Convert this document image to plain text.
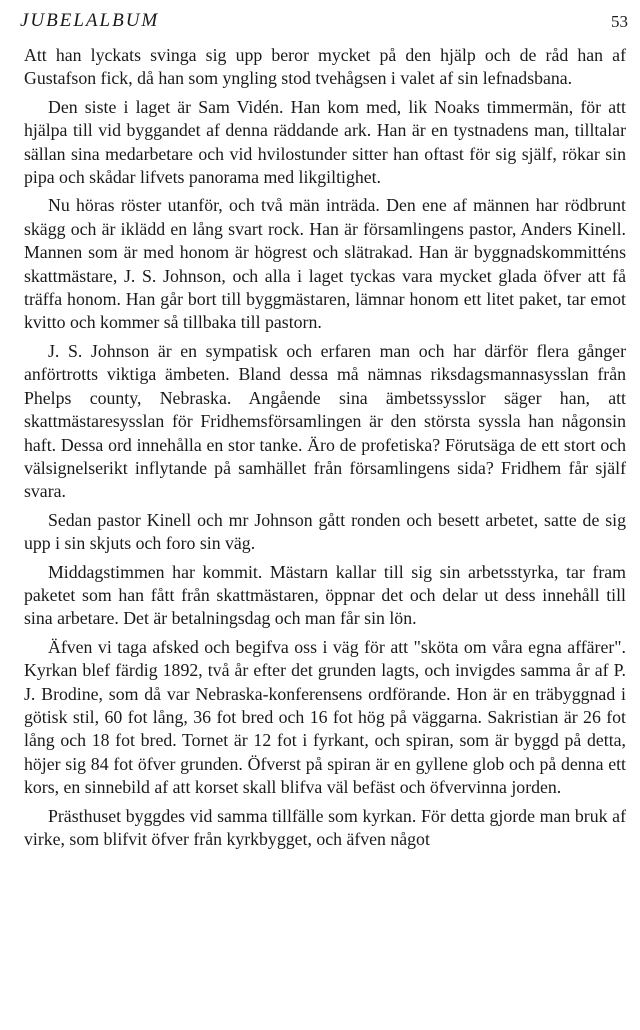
JUBELALBUM	53

Att han lyckats svinga sig upp beror mycket på den hjälp och de råd han af Gustafson fick, då han som yngling stod tvehågsen i valet af sin lefnadsbana.

Den siste i laget är Sam Vidén. Han kom med, lik Noaks timmermän, för att hjälpa till vid byggandet af denna räddande ark. Han är en tystnadens man, tilltalar sällan sina medarbetare och vid hvilostunder sitter han oftast för sig själf, rökar sin pipa och skådar lifvets panorama med likgiltighet.

Nu höras röster utanför, och två män inträda. Den ene af männen har rödbrunt skägg och är iklädd en lång svart rock. Han är församlingens pastor, Anders Kinell. Mannen som är med honom är högrest och slätrakad. Han är byggnadskommitténs skattmästare, J. S. Johnson, och alla i laget tyckas vara mycket glada öfver att få träffa honom. Han går bort till byggmästaren, lämnar honom ett litet paket, tar emot kvitto och kommer så tillbaka till pastorn.

J. S. Johnson är en sympatisk och erfaren man och har därför flera gånger anförtrotts viktiga ämbeten. Bland dessa må nämnas riksdagsmannasysslan från Phelps county, Nebraska. Angående sina ämbetssysslor säger han, att skattmästaresysslan för Fridhemsförsamlingen är den största syssla han någonsin haft. Dessa ord innehålla en stor tanke. Äro de profetiska? Förutsäga de ett stort och välsignelserikt inflytande på samhället från församlingens sida? Fridhem får själf svara.

Sedan pastor Kinell och mr Johnson gått ronden och besett arbetet, satte de sig upp i sin skjuts och foro sin väg.

Middagstimmen har kommit. Mästarn kallar till sig sin arbetsstyrka, tar fram paketet som han fått från skattmästaren, öppnar det och delar ut dess innehåll till sina arbetare. Det är betalningsdag och man får sin lön.

Äfven vi taga afsked och begifva oss i väg för att "sköta om våra egna affärer". Kyrkan blef färdig 1892, två år efter det grunden lagts, och invigdes samma år af P. J. Brodine, som då var Nebraska-konferensens ordförande. Hon är en träbyggnad i götisk stil, 60 fot lång, 36 fot bred och 16 fot hög på väggarna. Sakristian är 26 fot lång och 18 fot bred. Tornet är 12 fot i fyrkant, och spiran, som är byggd på detta, höjer sig 84 fot öfver grunden. Öfverst på spiran är en gyllene glob och på denna ett kors, en sinnebild af att korset skall blifva väl befäst och öfvervinna jorden.

Prästhuset byggdes vid samma tillfälle som kyrkan. För detta gjorde man bruk af virke, som blifvit öfver från kyrkbygget, och äfven något
